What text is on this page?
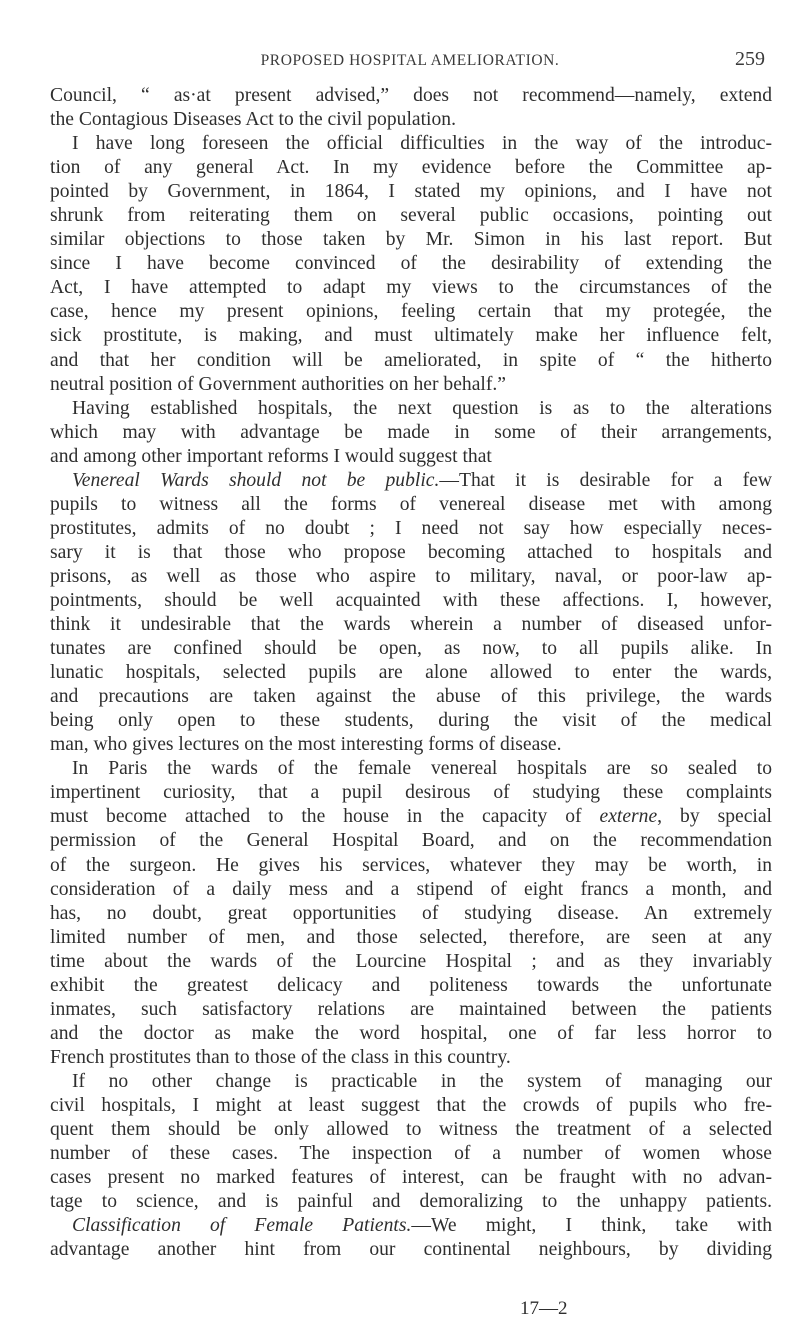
PROPOSED HOSPITAL AMELIORATION.	259
Council, “ as·at present advised,” does not recommend—namely, extend
the Contagious Diseases Act to the civil population.
I have long foreseen the official difficulties in the way of the introduc-
tion of any general Act. In my evidence before the Committee ap-
pointed by Government, in 1864, I stated my opinions, and I have not
shrunk from reiterating them on several public occasions, pointing out
similar objections to those taken by Mr. Simon in his last report. But
since I have become convinced of the desirability of extending the
Act, I have attempted to adapt my views to the circumstances of the
case, hence my present opinions, feeling certain that my protegée, the
sick prostitute, is making, and must ultimately make her influence felt,
and that her condition will be ameliorated, in spite of “ the hitherto
neutral position of Government authorities on her behalf.”
Having established hospitals, the next question is as to the alterations
which may with advantage be made in some of their arrangements,
and among other important reforms I would suggest that
Venereal Wards should not be public.—That it is desirable for a few
pupils to witness all the forms of venereal disease met with among
prostitutes, admits of no doubt ; I need not say how especially neces-
sary it is that those who propose becoming attached to hospitals and
prisons, as well as those who aspire to military, naval, or poor-law ap-
pointments, should be well acquainted with these affections. I, however,
think it undesirable that the wards wherein a number of diseased unfor-
tunates are confined should be open, as now, to all pupils alike. In
lunatic hospitals, selected pupils are alone allowed to enter the wards,
and precautions are taken against the abuse of this privilege, the wards
being only open to these students, during the visit of the medical
man, who gives lectures on the most interesting forms of disease.
In Paris the wards of the female venereal hospitals are so sealed to
impertinent curiosity, that a pupil desirous of studying these complaints
must become attached to the house in the capacity of externe, by special
permission of the General Hospital Board, and on the recommendation
of the surgeon. He gives his services, whatever they may be worth, in
consideration of a daily mess and a stipend of eight francs a month, and
has, no doubt, great opportunities of studying disease. An extremely
limited number of men, and those selected, therefore, are seen at any
time about the wards of the Lourcine Hospital ; and as they invariably
exhibit the greatest delicacy and politeness towards the unfortunate
inmates, such satisfactory relations are maintained between the patients
and the doctor as make the word hospital, one of far less horror to
French prostitutes than to those of the class in this country.
If no other change is practicable in the system of managing our
civil hospitals, I might at least suggest that the crowds of pupils who fre-
quent them should be only allowed to witness the treatment of a selected
number of these cases. The inspection of a number of women whose
cases present no marked features of interest, can be fraught with no advan-
tage to science, and is painful and demoralizing to the unhappy patients.
Classification of Female Patients.—We might, I think, take with
advantage another hint from our continental neighbours, by dividing
17—2
